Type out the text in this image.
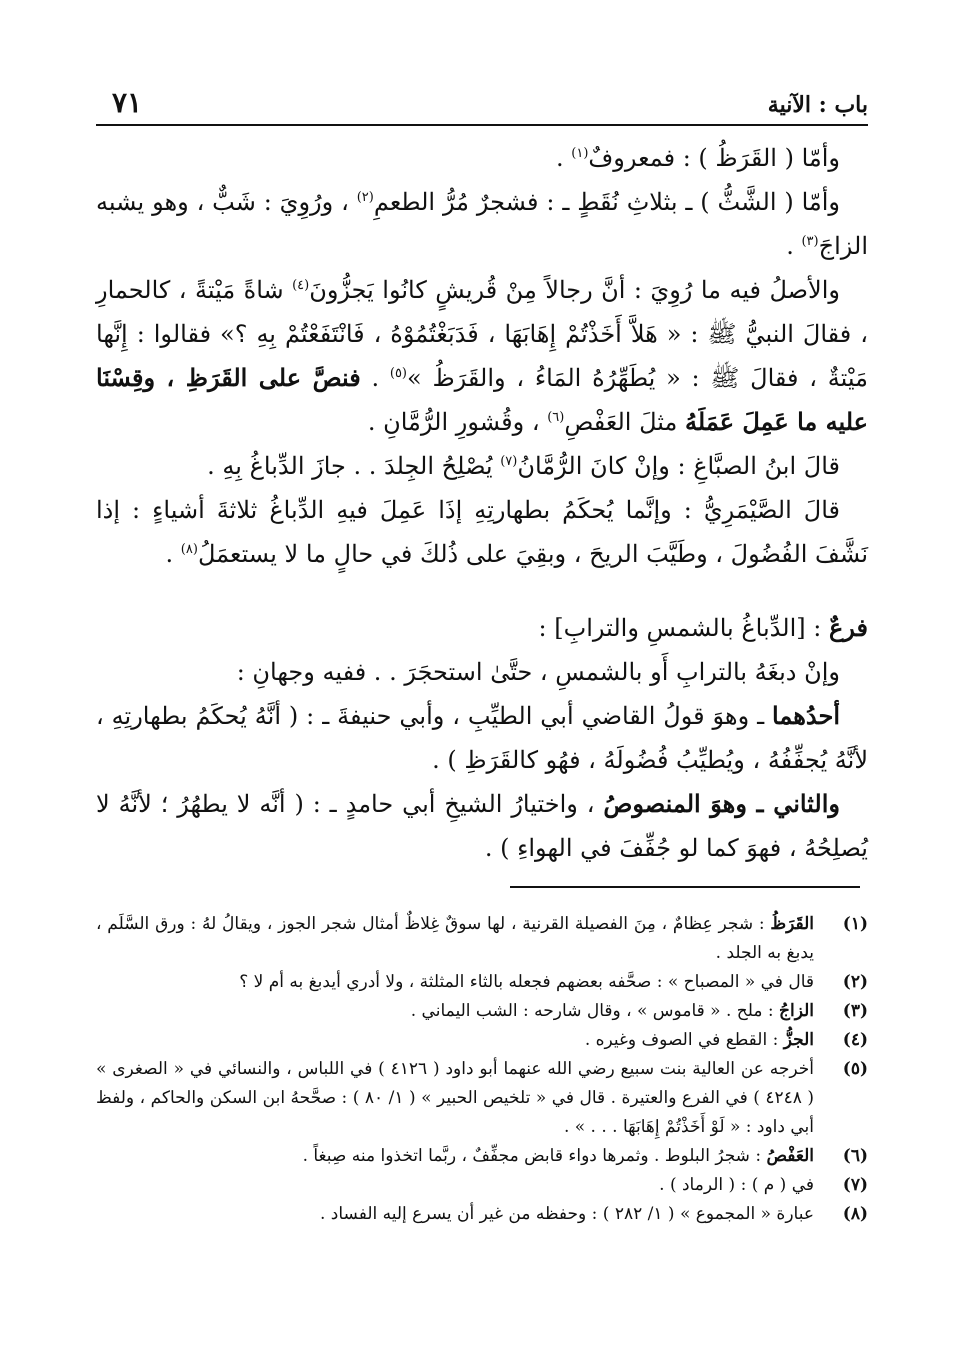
باب : الآنية
٧١

وأمّا ( القَرَظُ ) : فمعروفٌ$^{(١)}$ .

وأمّا ( الشَّثُّ ) ـ بثلاثِ نُقَطٍ ـ : فشجرٌ مُرُّ الطعمِ$^{(٢)}$ ، ورُوِيَ : شَبٌّ ، وهو يشبه الزاجَ$^{(٣)}$ .

والأصلُ فيه ما رُوِيَ : أنَّ رجالاً مِنْ قُريشٍ كانُوا يَجزُّونَ$^{(٤)}$ شاةً مَيْتةً ، كالحمارِ ، فقالَ النبيُّ ﷺ : « هَلاَّ أَخَذْتُمْ إِهَابَهَا ، فَدَبَغْتُمُوْهُ ، فَانْتَفَعْتُمْ بِهِ ؟» فقالوا : إِنَّها مَيْتةٌ ، فقالَ ﷺ : « يُطَهِّرُهُ المَاءُ ، والقَرَظُ »$^{(٥)}$ . فنصَّ على القَرَظِ ، وقِسْنَا عليه ما عَمِلَ عَمَلَهُ مثلَ العَفْصِ$^{(٦)}$ ، وقُشورِ الرُّمَّانِ .

قالَ ابنُ الصبَّاغِ : وإنْ كانَ الرُّمَّانُ$^{(٧)}$ يُصْلِحُ الجِلدَ . . جازَ الدِّباغُ بِهِ .

قالَ الصَّيْمَرِيُّ : وإنَّما يُحكَمُ بطهارتِهِ إذَا عَمِلَ فيهِ الدِّباغُ ثلاثةَ أشياءٍ : إذا نَشَّفَ الفُضُولَ ، وطَيَّبَ الريحَ ، وبقِيَ على ذُلكَ في حالٍ ما لا يستعمَلُ$^{(٨)}$ .

فرعٌ : [الدِّباغُ بالشمسِ والترابِ] :

وإنْ دبغَهُ بالترابِ أَو بالشمسِ ، حتَّىٰ استحجَرَ . . ففيه وجهانِ :

أحدُهما ـ وهوَ قولُ القاضي أبي الطيِّبِ ، وأبي حنيفةَ ـ : ( أنَّهُ يُحكَمُ بطهارتِهِ ، لأنَّهُ يُجفِّفُهُ ، ويُطيِّبُ فُضُولَهُ ، فهُو كالقَرَظِ ) .

والثاني ـ وهوَ المنصوصُ ، واختيارُ الشيخِ أبي حامدٍ ـ : ( أنَّه لا يطهُرُ ؛ لأنَّهُ لا يُصلِحُهُ ، فهوَ كما لو جُفِّفَ في الهواءِ ) .

(١)
القَرَظُ : شجر عِظامٌ ، مِنَ الفصيلة القرنية ، لها سوقٌ غِلاظٌ أمثال شجر الجوز ، ويقالُ لهُ : ورق السَّلَم ، يدبغ به الجلد .

(٢)
قال في « المصباح » : صحَّفه بعضهم فجعله بالثاء المثلثة ، ولا أدري أيدبغ به أم لا ؟

(٣)
الزاجُ : ملح . « قاموس » ، وقال شارحه : الشب اليماني .

(٤)
الجزُّ : القطع في الصوف وغيره .

(٥)
أخرجه عن العالية بنت سبيع رضي الله عنهما أبو داود ( ٤١٢٦ ) في اللباس ، والنسائي في « الصغرى » ( ٤٢٤٨ ) في الفرع والعتيرة . قال في « تلخيص الحبير » ( ١/ ٨٠ ) : صحَّحهُ ابن السكن والحاكم ، ولفظ أبي داود : « لَوْ أَخَذْتُمْ إِهَابَهَا . . . » .

(٦)
العَفْصُ : شجرُ البلوط . وثمرها دواء قابض مجفِّفٌ ، ربَّما اتخذوا منه صِبغاً .

(٧)
في ( م ) : ( الرماد ) .

(٨)
عبارة « المجموع » ( ١/ ٢٨٢ ) : وحفظه من غير أن يسرع إليه الفساد .
